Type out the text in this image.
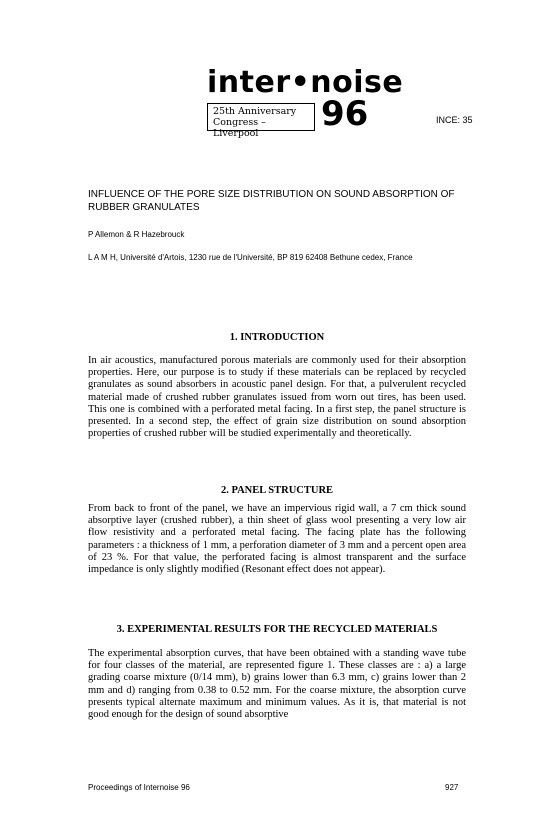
inter•noise
25th Anniversary
Congress – Liverpool	96	INCE: 35
INFLUENCE OF THE PORE SIZE DISTRIBUTION ON SOUND ABSORPTION OF RUBBER GRANULATES
P Allemon & R Hazebrouck
L A M H, Université d'Artois, 1230 rue de l'Université, BP 819 62408 Bethune cedex, France
1. INTRODUCTION

In air acoustics, manufactured porous materials are commonly used for their absorption properties. Here, our purpose is to study if these materials can be replaced by recycled granulates as sound absorbers in acoustic panel design. For that, a pulverulent recycled material made of crushed rubber granulates issued from worn out tires, has been used. This one is combined with a perforated metal facing. In a first step, the panel structure is presented. In a second step, the effect of grain size distribution on sound absorption properties of crushed rubber will be studied experimentally and theoretically.

2. PANEL STRUCTURE

From back to front of the panel, we have an impervious rigid wall, a 7 cm thick sound absorptive layer (crushed rubber), a thin sheet of glass wool presenting a very low air flow resistivity and a perforated metal facing. The facing plate has the following parameters : a thickness of 1 mm, a perforation diameter of 3 mm and a percent open area of 23 %. For that value, the perforated facing is almost transparent and the surface impedance is only slightly modified (Resonant effect does not appear).

3. EXPERIMENTAL RESULTS FOR THE RECYCLED MATERIALS

The experimental absorption curves, that have been obtained with a standing wave tube for four classes of the material, are represented figure 1. These classes are : a) a large grading coarse mixture (0/14 mm), b) grains lower than 6.3 mm, c) grains lower than 2 mm and d) ranging from 0.38 to 0.52 mm. For the coarse mixture, the absorption curve presents typical alternate maximum and minimum values. As it is, that material is not good enough for the design of sound absorptive

Proceedings of Internoise 96	927
